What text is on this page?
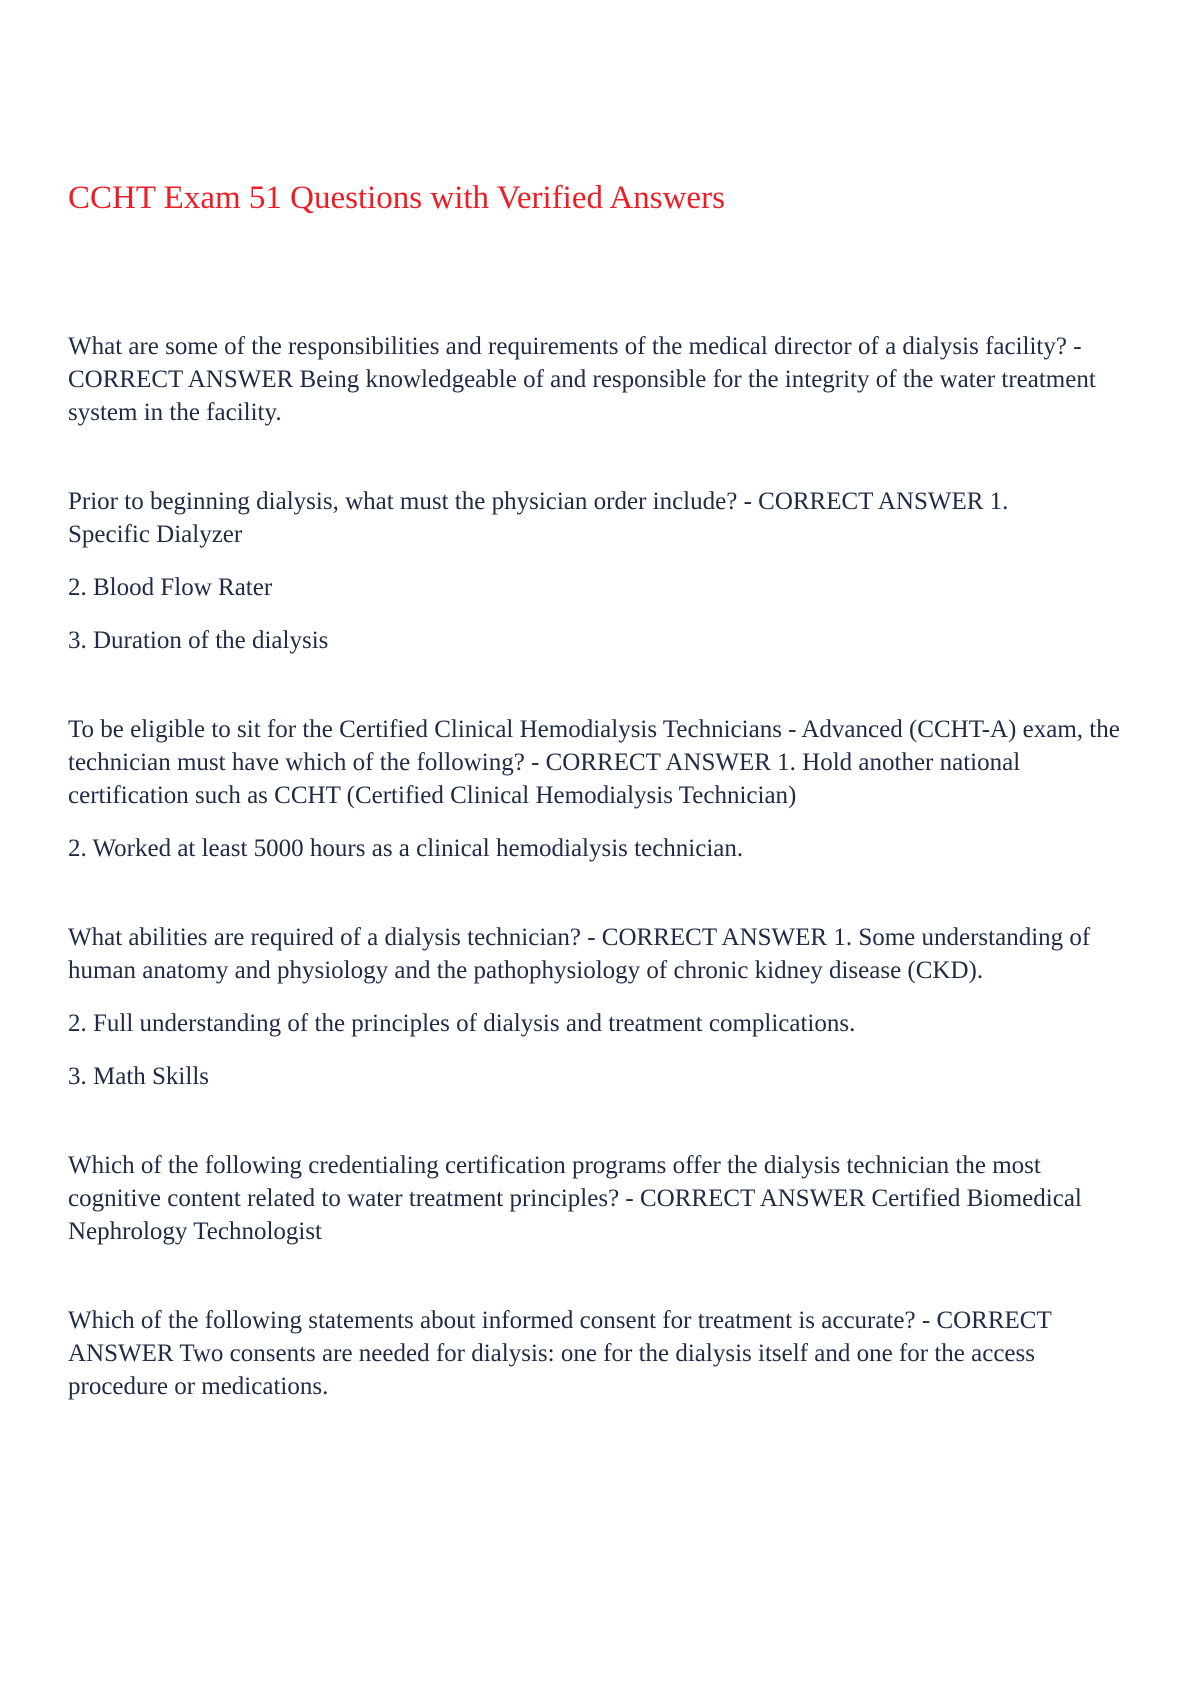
CCHT Exam 51 Questions with Verified Answers

What are some of the responsibilities and requirements of the medical director of a dialysis facility? - CORRECT ANSWER Being knowledgeable of and responsible for the integrity of the water treatment system in the facility.

Prior to beginning dialysis, what must the physician order include? - CORRECT ANSWER 1. Specific Dialyzer

2. Blood Flow Rater

3. Duration of the dialysis

To be eligible to sit for the Certified Clinical Hemodialysis Technicians - Advanced (CCHT-A) exam, the technician must have which of the following? - CORRECT ANSWER 1. Hold another national certification such as CCHT (Certified Clinical Hemodialysis Technician)

2. Worked at least 5000 hours as a clinical hemodialysis technician.

What abilities are required of a dialysis technician? - CORRECT ANSWER 1. Some understanding of human anatomy and physiology and the pathophysiology of chronic kidney disease (CKD).

2. Full understanding of the principles of dialysis and treatment complications.

3. Math Skills

Which of the following credentialing certification programs offer the dialysis technician the most cognitive content related to water treatment principles? - CORRECT ANSWER Certified Biomedical Nephrology Technologist

Which of the following statements about informed consent for treatment is accurate? - CORRECT ANSWER Two consents are needed for dialysis: one for the dialysis itself and one for the access procedure or medications.
